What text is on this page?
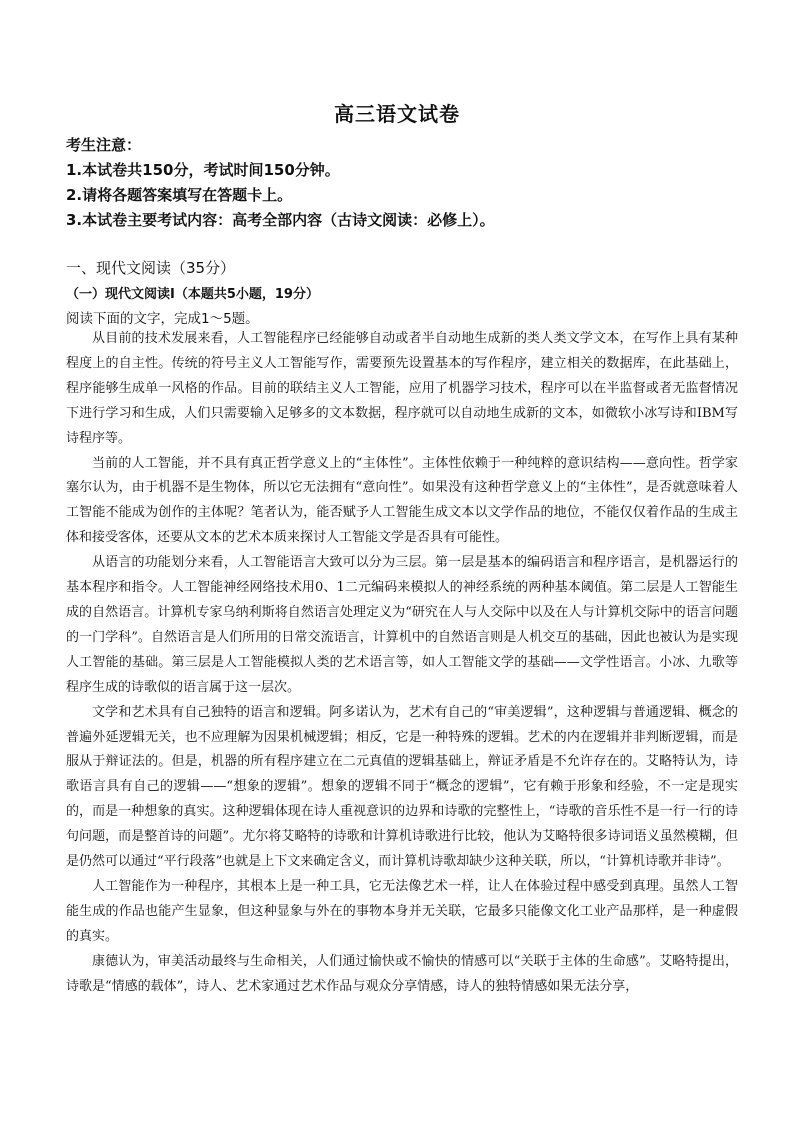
高三语文试卷
考生注意：
1.本试卷共150分，考试时间150分钟。
2.请将各题答案填写在答题卡上。
3.本试卷主要考试内容：高考全部内容（古诗文阅读：必修上）。
一、现代文阅读（35分）
（一）现代文阅读Ⅰ（本题共5小题，19分）
阅读下面的文字，完成1～5题。

从目前的技术发展来看，人工智能程序已经能够自动或者半自动地生成新的类人类文学文本，在写作上具有某种程度上的自主性。传统的符号主义人工智能写作，需要预先设置基本的写作程序，建立相关的数据库，在此基础上，程序能够生成单一风格的作品。目前的联结主义人工智能，应用了机器学习技术，程序可以在半监督或者无监督情况下进行学习和生成，人们只需要输入足够多的文本数据，程序就可以自动地生成新的文本，如微软小冰写诗和IBM写诗程序等。

当前的人工智能，并不具有真正哲学意义上的“主体性”。主体性依赖于一种纯粹的意识结构——意向性。哲学家塞尔认为，由于机器不是生物体，所以它无法拥有“意向性”。如果没有这种哲学意义上的“主体性”，是否就意味着人工智能不能成为创作的主体呢？笔者认为，能否赋予人工智能生成文本以文学作品的地位，不能仅仅着作品的生成主体和接受客体，还要从文本的艺术本质来探讨人工智能文学是否具有可能性。

从语言的功能划分来看，人工智能语言大致可以分为三层。第一层是基本的编码语言和程序语言，是机器运行的基本程序和指令。人工智能神经网络技术用0、1二元编码来模拟人的神经系统的两种基本阈值。第二层是人工智能生成的自然语言。计算机专家乌纳利斯将自然语言处理定义为“研究在人与人交际中以及在人与计算机交际中的语言问题的一门学科”。自然语言是人们所用的日常交流语言，计算机中的自然语言则是人机交互的基础，因此也被认为是实现人工智能的基础。第三层是人工智能模拟人类的艺术语言等，如人工智能文学的基础——文学性语言。小冰、九歌等程序生成的诗歌似的语言属于这一层次。

文学和艺术具有自己独特的语言和逻辑。阿多诺认为，艺术有自己的“审美逻辑”，这种逻辑与普通逻辑、概念的普遍外延逻辑无关，也不应理解为因果机械逻辑；相反，它是一种特殊的逻辑。艺术的内在逻辑并非判断逻辑，而是服从于辩证法的。但是，机器的所有程序建立在二元真值的逻辑基础上，辩证矛盾是不允许存在的。艾略特认为，诗歌语言具有自己的逻辑——“想象的逻辑”。想象的逻辑不同于“概念的逻辑”，它有赖于形象和经验，不一定是现实的，而是一种想象的真实。这种逻辑体现在诗人重视意识的边界和诗歌的完整性上，“诗歌的音乐性不是一行一行的诗句问题，而是整首诗的问题”。尤尔将艾略特的诗歌和计算机诗歌进行比较，他认为艾略特很多诗词语义虽然模糊，但是仍然可以通过“平行段落”也就是上下文来确定含义，而计算机诗歌却缺少这种关联，所以，“计算机诗歌并非诗”。

人工智能作为一种程序，其根本上是一种工具，它无法像艺术一样，让人在体验过程中感受到真理。虽然人工智能生成的作品也能产生显象，但这种显象与外在的事物本身并无关联，它最多只能像文化工业产品那样，是一种虚假的真实。

康德认为，审美活动最终与生命相关，人们通过愉快或不愉快的情感可以“关联于主体的生命感”。艾略特提出，诗歌是“情感的载体”，诗人、艺术家通过艺术作品与观众分享情感，诗人的独特情感如果无法分享，
